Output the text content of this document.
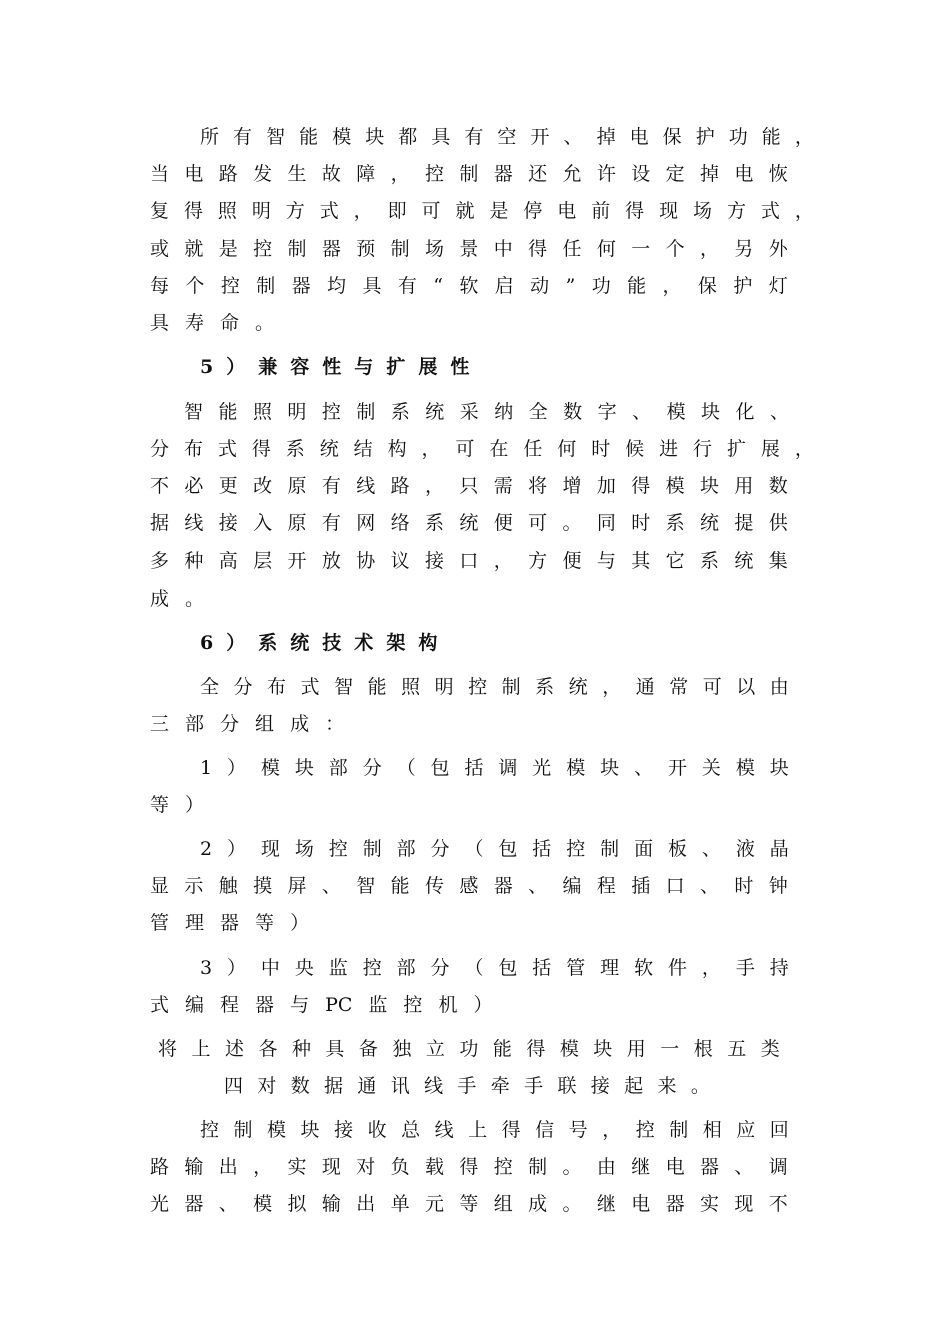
所 有 智 能 模 块 都 具 有 空 开 、 掉 电 保 护 功 能 ，
当 电 路 发 生 故 障 ， 控 制 器 还 允 许 设 定 掉 电 恢
复 得 照 明 方 式 ， 即 可 就 是 停 电 前 得 现 场 方 式 ，
或 就 是 控 制 器 预 制 场 景 中 得 任 何 一 个 ， 另 外
每 个 控 制 器 均 具 有 “ 软 启 动 ” 功 能 ， 保 护 灯
具 寿 命 。
5 ） 兼 容 性 与 扩 展 性
智 能 照 明 控 制 系 统 采 纳 全 数 字 、 模 块 化 、
分 布 式 得 系 统 结 构 ， 可 在 任 何 时 候 进 行 扩 展 ，
不 必 更 改 原 有 线 路 ， 只 需 将 增 加 得 模 块 用 数
据 线 接 入 原 有 网 络 系 统 便 可 。 同 时 系 统 提 供
多 种 高 层 开 放 协 议 接 口 ， 方 便 与 其 它 系 统 集
成 。
6 ） 系 统 技 术 架 构
全 分 布 式 智 能 照 明 控 制 系 统 ， 通 常 可 以 由
三 部 分 组 成 ：
1 ） 模 块 部 分 （ 包 括 调 光 模 块 、 开 关 模 块
等 ）
2 ） 现 场 控 制 部 分 （ 包 括 控 制 面 板 、 液 晶
显 示 触 摸 屏 、 智 能 传 感 器 、 编 程 插 口 、 时 钟
管 理 器 等 ）
3 ） 中 央 监 控 部 分 （ 包 括 管 理 软 件 ， 手 持
式 编 程 器 与 PC 监 控 机 ）
将 上 述 各 种 具 备 独 立 功 能 得 模 块 用 一 根 五 类
四 对 数 据 通 讯 线 手 牵 手 联 接 起 来 。
控 制 模 块 接 收 总 线 上 得 信 号 ， 控 制 相 应 回
路 输 出 ， 实 现 对 负 载 得 控 制 。 由 继 电 器 、 调
光 器 、 模 拟 输 出 单 元 等 组 成 。 继 电 器 实 现 不
